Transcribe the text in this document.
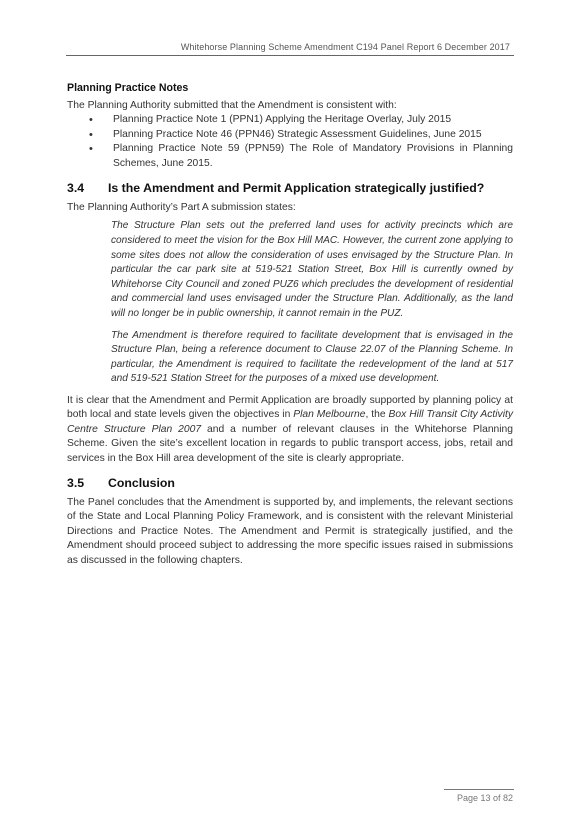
Whitehorse Planning Scheme Amendment C194 Panel Report 6 December 2017
Planning Practice Notes

The Planning Authority submitted that the Amendment is consistent with:

• Planning Practice Note 1 (PPN1) Applying the Heritage Overlay, July 2015
• Planning Practice Note 46 (PPN46) Strategic Assessment Guidelines, June 2015
• Planning Practice Note 59 (PPN59) The Role of Mandatory Provisions in Planning Schemes, June 2015.
3.4	Is the Amendment and Permit Application strategically justified?

The Planning Authority’s Part A submission states:

The Structure Plan sets out the preferred land uses for activity precincts which are considered to meet the vision for the Box Hill MAC. However, the current zone applying to some sites does not allow the consideration of uses envisaged by the Structure Plan. In particular the car park site at 519-521 Station Street, Box Hill is currently owned by Whitehorse City Council and zoned PUZ6 which precludes the development of residential and commercial land uses envisaged under the Structure Plan. Additionally, as the land will no longer be in public ownership, it cannot remain in the PUZ.

The Amendment is therefore required to facilitate development that is envisaged in the Structure Plan, being a reference document to Clause 22.07 of the Planning Scheme. In particular, the Amendment is required to facilitate the redevelopment of the land at 517 and 519-521 Station Street for the purposes of a mixed use development.

It is clear that the Amendment and Permit Application are broadly supported by planning policy at both local and state levels given the objectives in Plan Melbourne, the Box Hill Transit City Activity Centre Structure Plan 2007 and a number of relevant clauses in the Whitehorse Planning Scheme. Given the site’s excellent location in regards to public transport access, jobs, retail and services in the Box Hill area development of the site is clearly appropriate.

3.5	Conclusion

The Panel concludes that the Amendment is supported by, and implements, the relevant sections of the State and Local Planning Policy Framework, and is consistent with the relevant Ministerial Directions and Practice Notes. The Amendment and Permit is strategically justified, and the Amendment should proceed subject to addressing the more specific issues raised in submissions as discussed in the following chapters.

Page 13 of 82
